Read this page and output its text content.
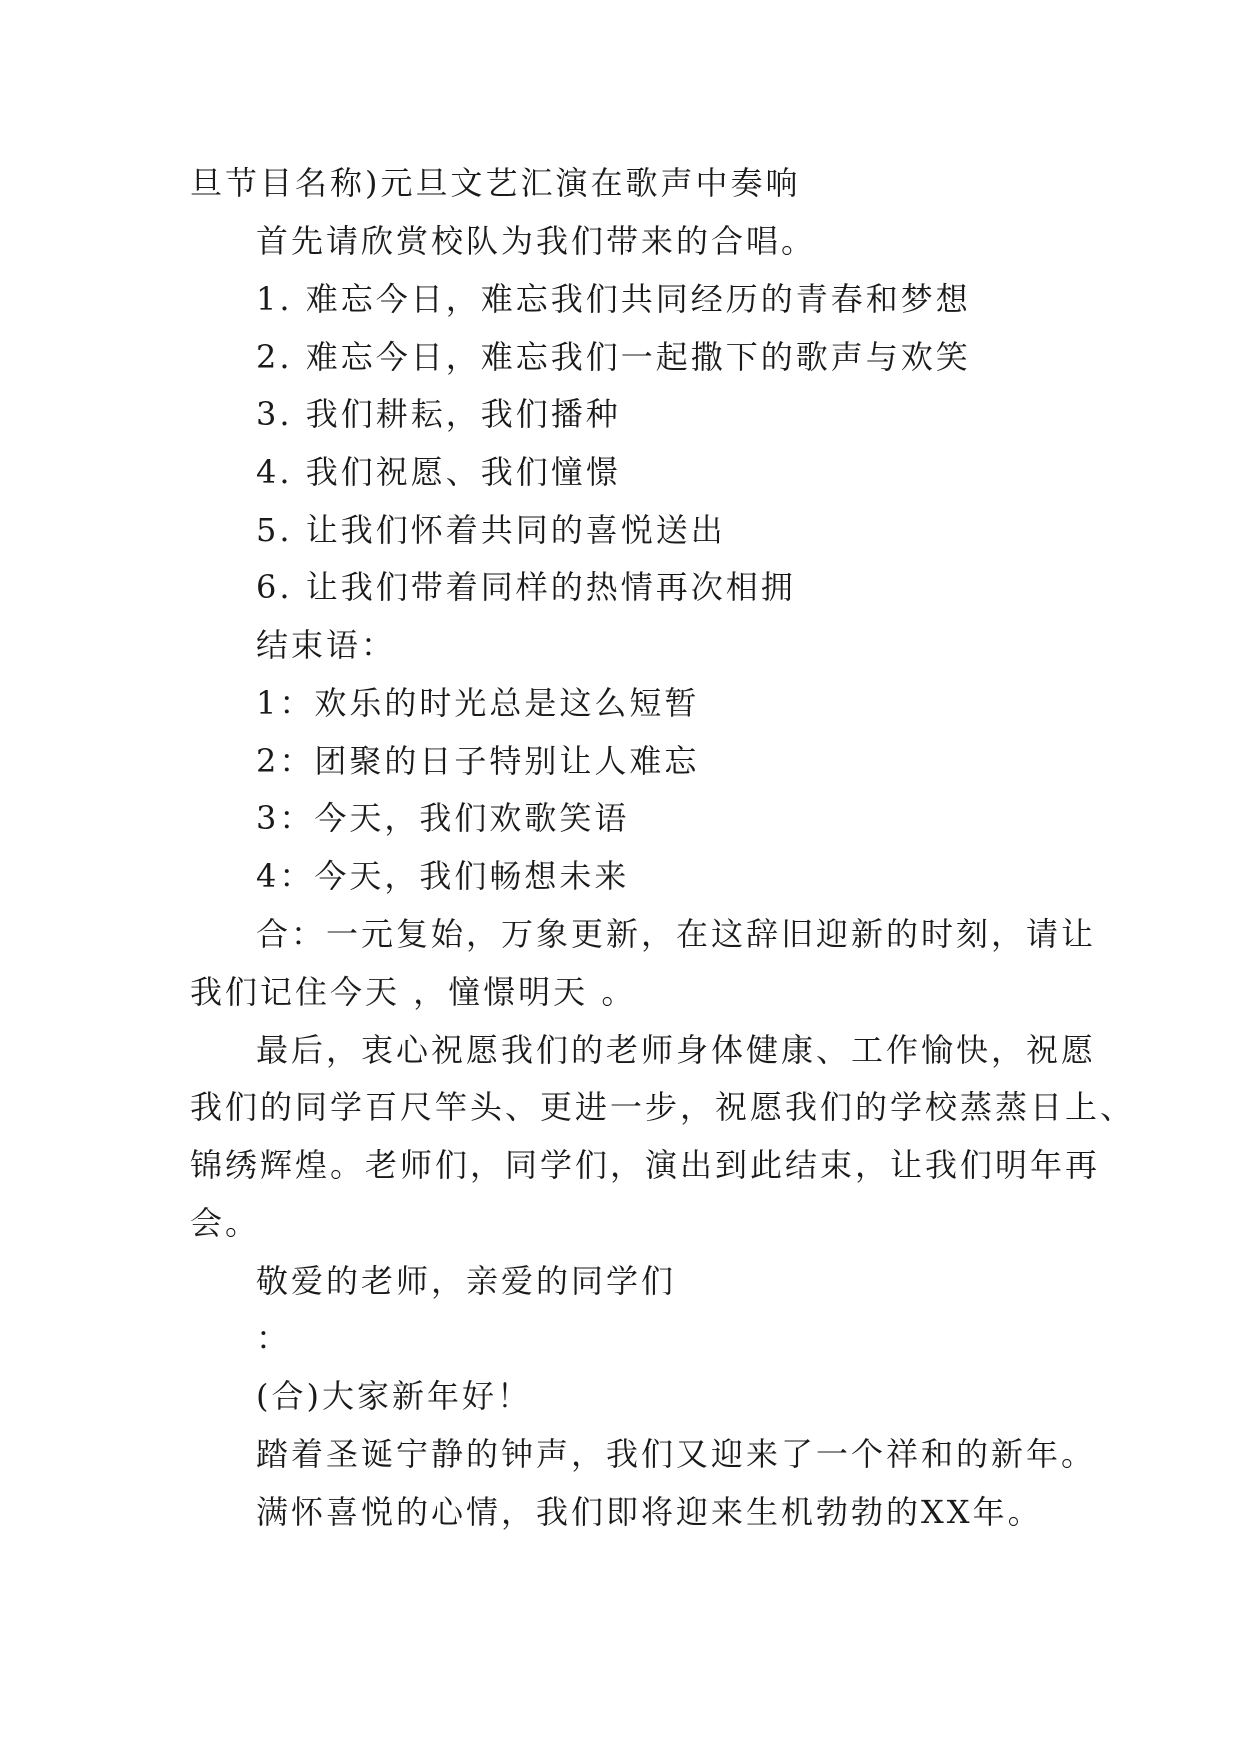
旦节目名称)元旦文艺汇演在歌声中奏响
首先请欣赏校队为我们带来的合唱。
1. 难忘今日，难忘我们共同经历的青春和梦想
2. 难忘今日，难忘我们一起撒下的歌声与欢笑
3. 我们耕耘，我们播种
4. 我们祝愿、我们憧憬
5. 让我们怀着共同的喜悦送出
6. 让我们带着同样的热情再次相拥
结束语：
1：欢乐的时光总是这么短暂
2：团聚的日子特别让人难忘
3：今天，我们欢歌笑语
4：今天，我们畅想未来
合：一元复始，万象更新，在这辞旧迎新的时刻，请让
我们记住今天 ，憧憬明天 。
最后，衷心祝愿我们的老师身体健康、工作愉快，祝愿
我们的同学百尺竿头、更进一步，祝愿我们的学校蒸蒸日上、
锦绣辉煌。老师们，同学们，演出到此结束，让我们明年再
会。
敬爱的老师，亲爱的同学们
：
(合)大家新年好！
踏着圣诞宁静的钟声，我们又迎来了一个祥和的新年。
满怀喜悦的心情，我们即将迎来生机勃勃的XX年。
